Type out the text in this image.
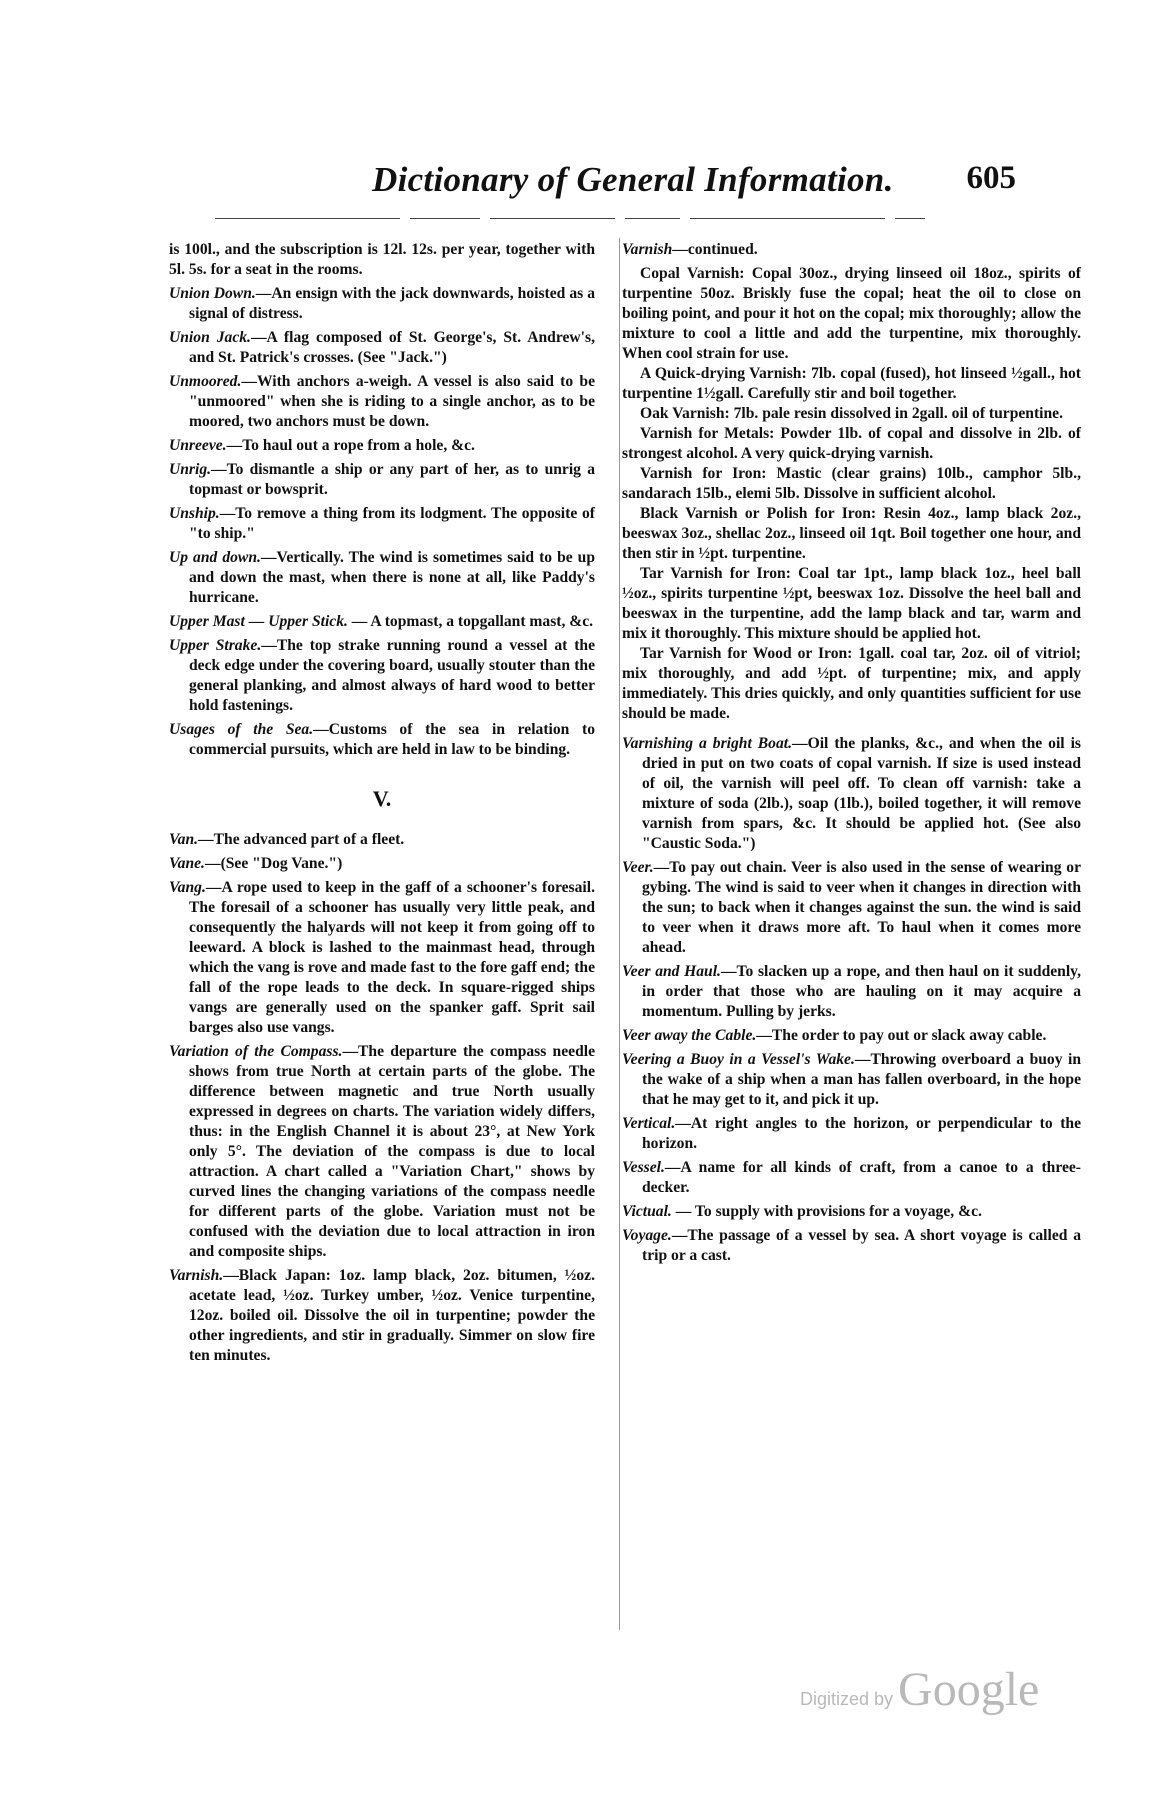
Dictionary of General Information. 605

is 100l., and the subscription is 12l. 12s. per year, together with 5l. 5s. for a seat in the rooms.

Union Down.—An ensign with the jack downwards, hoisted as a signal of distress.

Union Jack.—A flag composed of St. George's, St. Andrew's, and St. Patrick's crosses. (See "Jack.")

Unmoored.—With anchors a-weigh. A vessel is also said to be "unmoored" when she is riding to a single anchor, as to be moored, two anchors must be down.

Unreeve.—To haul out a rope from a hole, &c.

Unrig.—To dismantle a ship or any part of her, as to unrig a topmast or bowsprit.

Unship.—To remove a thing from its lodgment. The opposite of "to ship."

Up and down.—Vertically. The wind is sometimes said to be up and down the mast, when there is none at all, like Paddy's hurricane.

Upper Mast — Upper Stick. — A topmast, a topgallant mast, &c.

Upper Strake.—The top strake running round a vessel at the deck edge under the covering board, usually stouter than the general planking, and almost always of hard wood to better hold fastenings.

Usages of the Sea.—Customs of the sea in relation to commercial pursuits, which are held in law to be binding.

V.

Van.—The advanced part of a fleet.

Vane.—(See "Dog Vane.")

Vang.—A rope used to keep in the gaff of a schooner's foresail. The foresail of a schooner has usually very little peak, and consequently the halyards will not keep it from going off to leeward. A block is lashed to the mainmast head, through which the vang is rove and made fast to the fore gaff end; the fall of the rope leads to the deck. In square-rigged ships vangs are generally used on the spanker gaff. Sprit sail barges also use vangs.

Variation of the Compass.—The departure the compass needle shows from true North at certain parts of the globe. The difference between magnetic and true North usually expressed in degrees on charts. The variation widely differs, thus: in the English Channel it is about 23°, at New York only 5°. The deviation of the compass is due to local attraction. A chart called a "Variation Chart," shows by curved lines the changing variations of the compass needle for different parts of the globe. Variation must not be confused with the deviation due to local attraction in iron and composite ships.

Varnish.—Black Japan: 1oz. lamp black, 2oz. bitumen, ½oz. acetate lead, ½oz. Turkey umber, ½oz. Venice turpentine, 12oz. boiled oil. Dissolve the oil in turpentine; powder the other ingredients, and stir in gradually. Simmer on slow fire ten minutes.

Varnish—continued.

Copal Varnish: Copal 30oz., drying linseed oil 18oz., spirits of turpentine 50oz. Briskly fuse the copal; heat the oil to close on boiling point, and pour it hot on the copal; mix thoroughly; allow the mixture to cool a little and add the turpentine, mix thoroughly. When cool strain for use.

A Quick-drying Varnish: 7lb. copal (fused), hot linseed ½gall., hot turpentine 1½gall. Carefully stir and boil together.

Oak Varnish: 7lb. pale resin dissolved in 2gall. oil of turpentine.

Varnish for Metals: Powder 1lb. of copal and dissolve in 2lb. of strongest alcohol. A very quick-drying varnish.

Varnish for Iron: Mastic (clear grains) 10lb., camphor 5lb., sandarach 15lb., elemi 5lb. Dissolve in sufficient alcohol.

Black Varnish or Polish for Iron: Resin 4oz., lamp black 2oz., beeswax 3oz., shellac 2oz., linseed oil 1qt. Boil together one hour, and then stir in ½pt. turpentine.

Tar Varnish for Iron: Coal tar 1pt., lamp black 1oz., heel ball ½oz., spirits turpentine ½pt, beeswax 1oz. Dissolve the heel ball and beeswax in the turpentine, add the lamp black and tar, warm and mix it thoroughly. This mixture should be applied hot.

Tar Varnish for Wood or Iron: 1gall. coal tar, 2oz. oil of vitriol; mix thoroughly, and add ½pt. of turpentine; mix, and apply immediately. This dries quickly, and only quantities sufficient for use should be made.

Varnishing a bright Boat.—Oil the planks, &c., and when the oil is dried in put on two coats of copal varnish. If size is used instead of oil, the varnish will peel off. To clean off varnish: take a mixture of soda (2lb.), soap (1lb.), boiled together, it will remove varnish from spars, &c. It should be applied hot. (See also "Caustic Soda.")

Veer.—To pay out chain. Veer is also used in the sense of wearing or gybing. The wind is said to veer when it changes in direction with the sun; to back when it changes against the sun. the wind is said to veer when it draws more aft. To haul when it comes more ahead.

Veer and Haul.—To slacken up a rope, and then haul on it suddenly, in order that those who are hauling on it may acquire a momentum. Pulling by jerks.

Veer away the Cable.—The order to pay out or slack away cable.

Veering a Buoy in a Vessel's Wake.—Throwing overboard a buoy in the wake of a ship when a man has fallen overboard, in the hope that he may get to it, and pick it up.

Vertical.—At right angles to the horizon, or perpendicular to the horizon.

Vessel.—A name for all kinds of craft, from a canoe to a three-decker.

Victual. — To supply with provisions for a voyage, &c.

Voyage.—The passage of a vessel by sea. A short voyage is called a trip or a cast.

Digitized by Google
